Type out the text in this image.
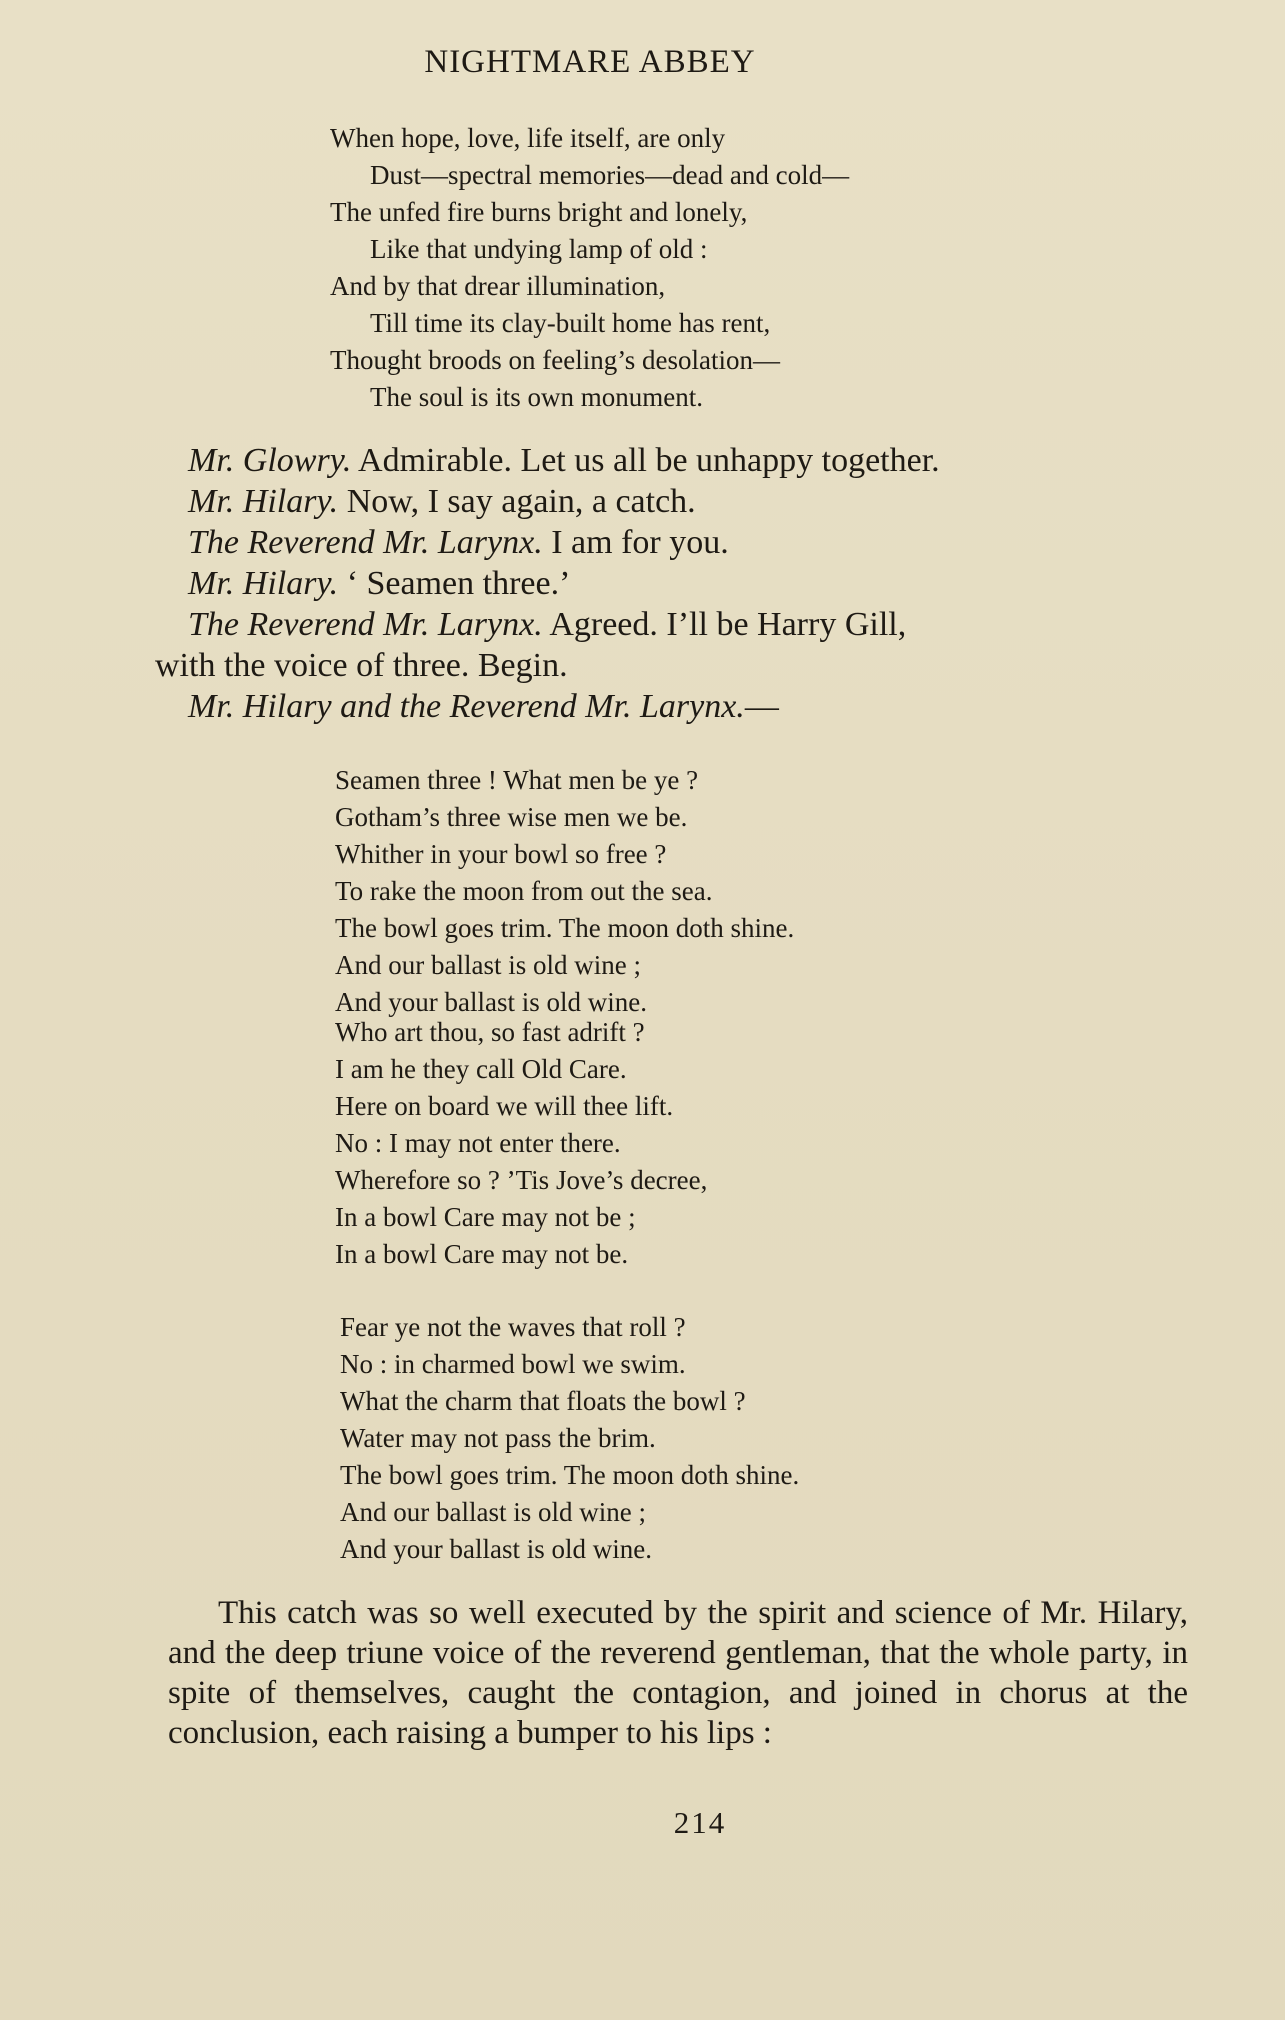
NIGHTMARE ABBEY
When hope, love, life itself, are only
Dust—spectral memories—dead and cold—
The unfed fire burns bright and lonely,
Like that undying lamp of old :
And by that drear illumination,
Till time its clay-built home has rent,
Thought broods on feeling’s desolation—
The soul is its own monument.
Mr. Glowry. Admirable. Let us all be unhappy together.
Mr. Hilary. Now, I say again, a catch.
The Reverend Mr. Larynx. I am for you.
Mr. Hilary. ‘ Seamen three.’
The Reverend Mr. Larynx. Agreed. I’ll be Harry Gill,
with the voice of three. Begin.
Mr. Hilary and the Reverend Mr. Larynx.—
Seamen three ! What men be ye ?
Gotham’s three wise men we be.
Whither in your bowl so free ?
To rake the moon from out the sea.
The bowl goes trim. The moon doth shine.
And our ballast is old wine ;
And your ballast is old wine.
Who art thou, so fast adrift ?
I am he they call Old Care.
Here on board we will thee lift.
No : I may not enter there.
Wherefore so ? ’Tis Jove’s decree,
In a bowl Care may not be ;
In a bowl Care may not be.
Fear ye not the waves that roll ?
No : in charmed bowl we swim.
What the charm that floats the bowl ?
Water may not pass the brim.
The bowl goes trim. The moon doth shine.
And our ballast is old wine ;
And your ballast is old wine.

This catch was so well executed by the spirit and science of Mr. Hilary, and the deep triune voice of the reverend gentleman, that the whole party, in spite of themselves, caught the contagion, and joined in chorus at the conclusion, each raising a bumper to his lips :

214
